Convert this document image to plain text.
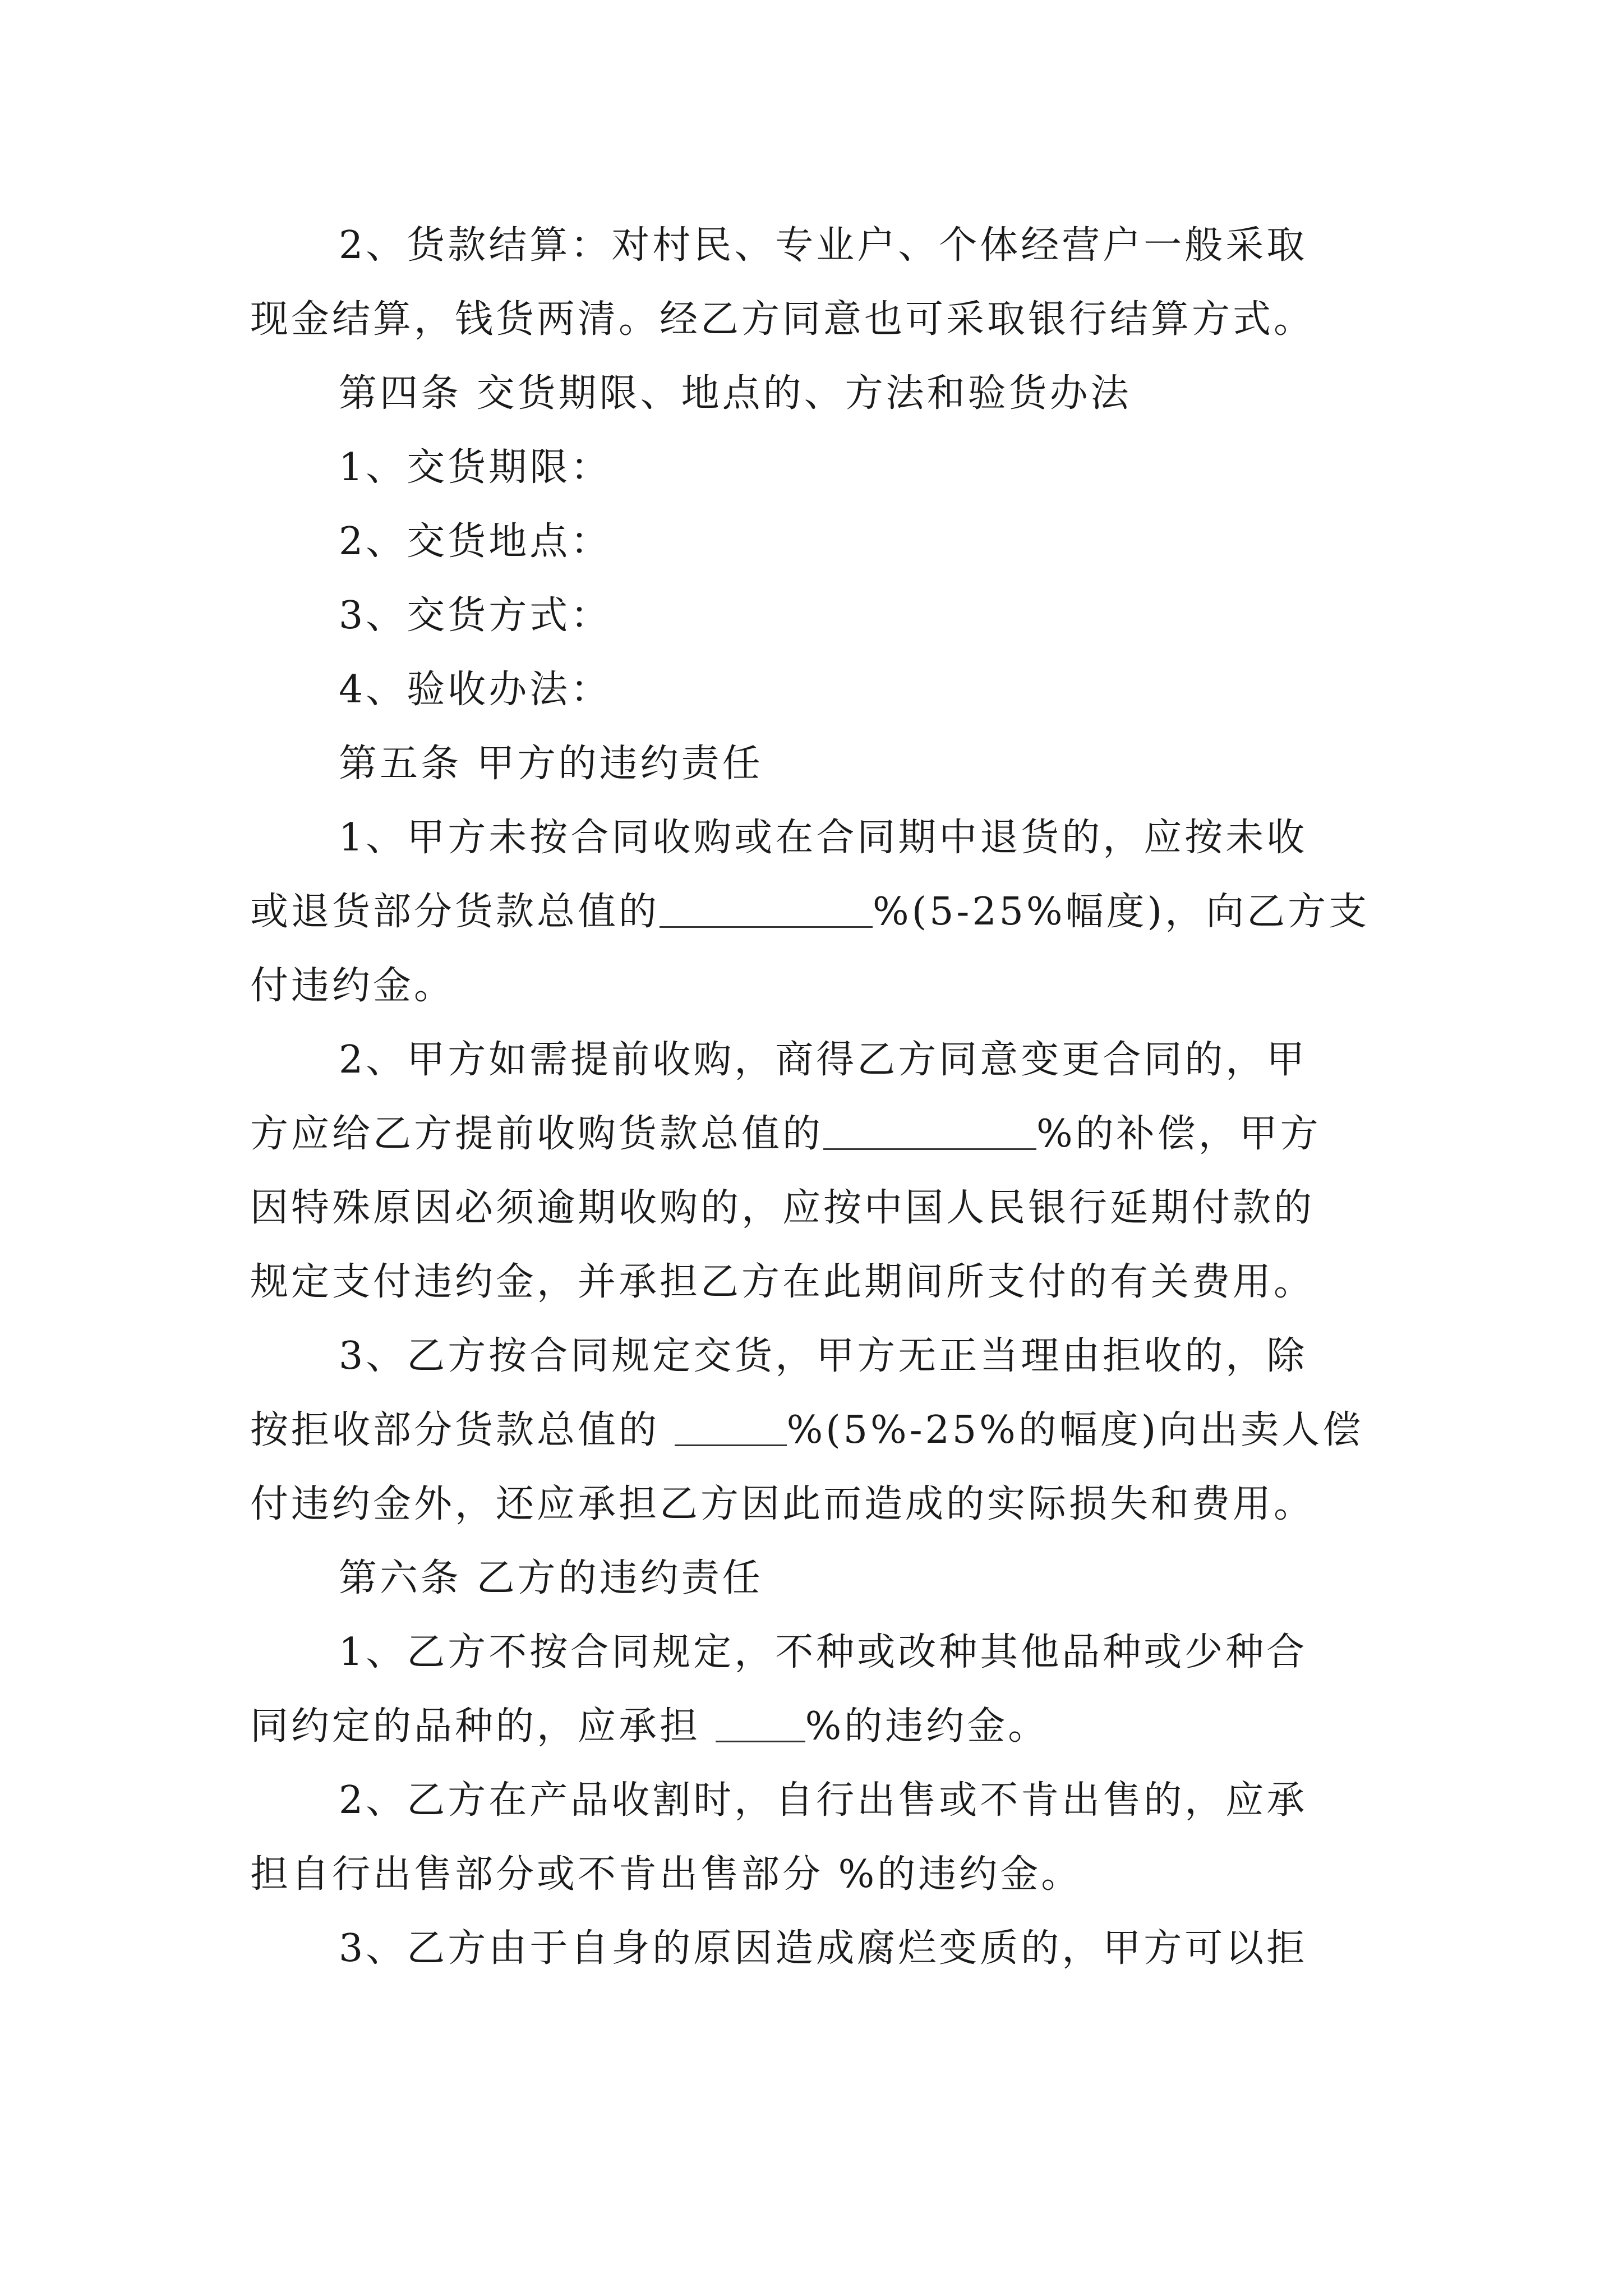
2、货款结算：对村民、专业户、个体经营户一般采取
现金结算，钱货两清。经乙方同意也可采取银行结算方式。
第四条 交货期限、地点的、方法和验货办法
1、交货期限：
2、交货地点：
3、交货方式：
4、验收办法：
第五条 甲方的违约责任
1、甲方未按合同收购或在合同期中退货的，应按未收
或退货部分货款总值的	%(5-25%幅度)，向乙方支
付违约金。
2、甲方如需提前收购，商得乙方同意变更合同的，甲
方应给乙方提前收购货款总值的	%的补偿，甲方
因特殊原因必须逾期收购的，应按中国人民银行延期付款的
规定支付违约金，并承担乙方在此期间所支付的有关费用。
3、乙方按合同规定交货，甲方无正当理由拒收的，除
按拒收部分货款总值的	%(5%-25%的幅度)向出卖人偿
付违约金外，还应承担乙方因此而造成的实际损失和费用。
第六条 乙方的违约责任
1、乙方不按合同规定，不种或改种其他品种或少种合
同约定的品种的，应承担 %的违约金。
2、乙方在产品收割时，自行出售或不肯出售的，应承
担自行出售部分或不肯出售部分 %的违约金。
3、乙方由于自身的原因造成腐烂变质的，甲方可以拒
